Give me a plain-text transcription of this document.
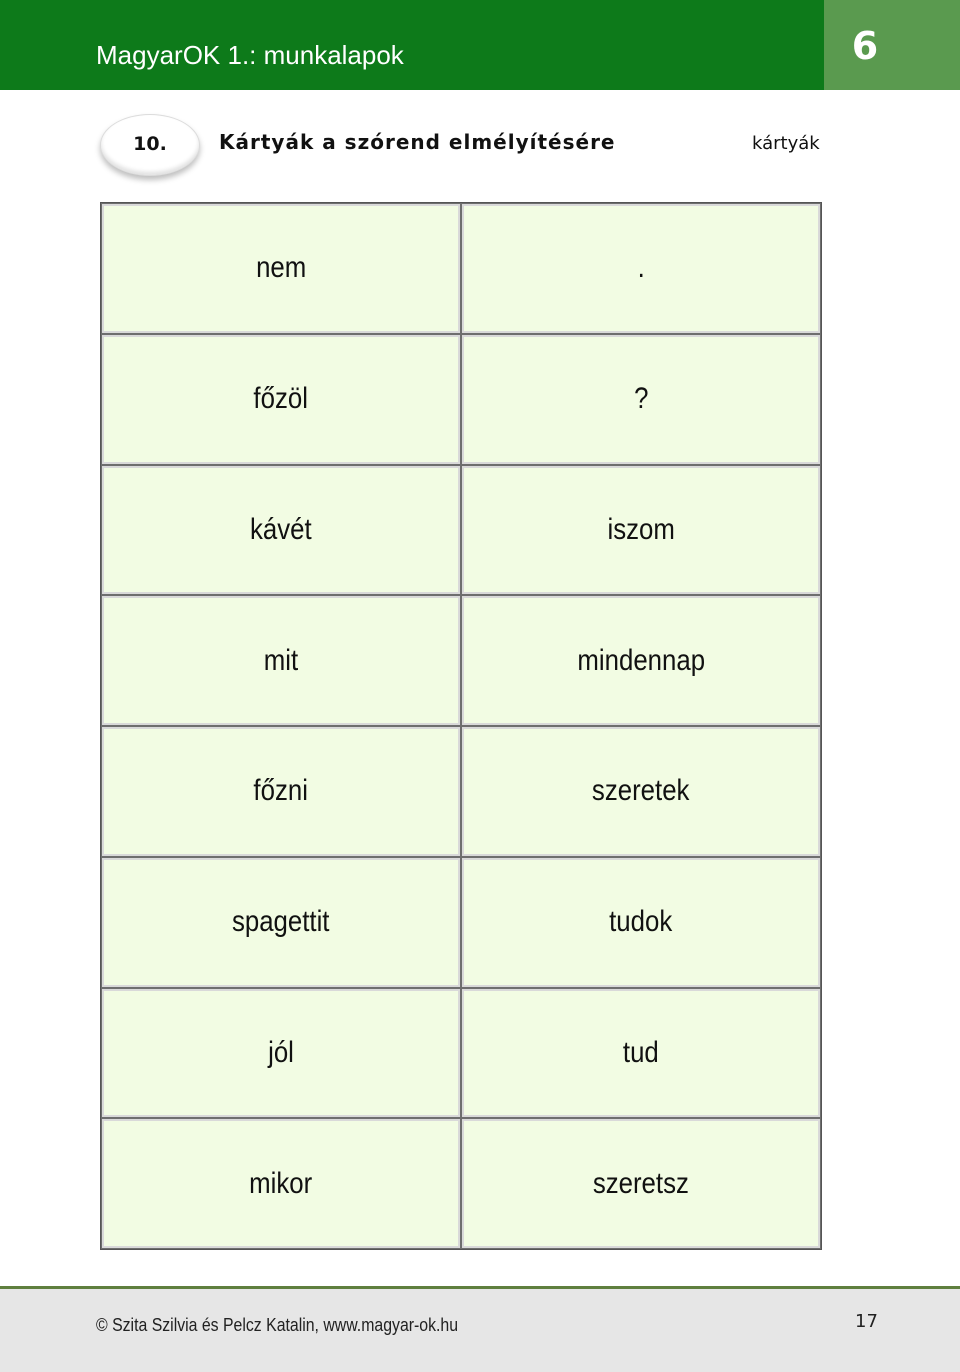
MagyarOK 1.: munkalapok	6
10.	Kártyák a szórend elmélyítésére	kártyák
nem	.
főzöl	?
kávét	iszom
mit	mindennap
főzni	szeretek
spagettit	tudok
jól	tud
mikor	szeretsz
© Szita Szilvia és Pelcz Katalin, www.magyar-ok.hu	17
